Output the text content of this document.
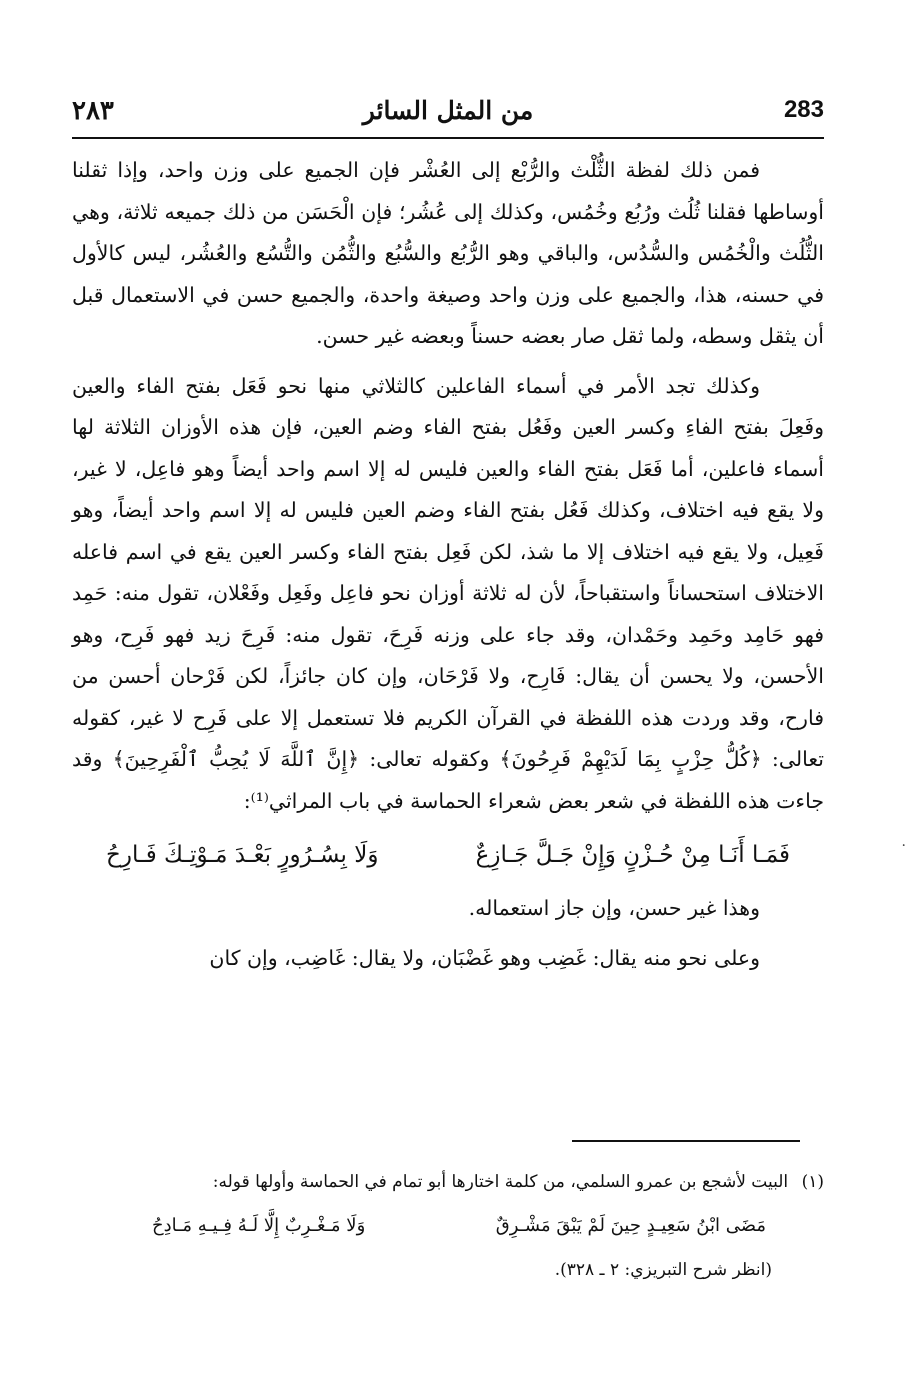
283
من المثل السائر
٢٨٣

فمن ذلك لفظة الثُّلْث والرُّبْع إلى العُشْر فإن الجميع على وزن واحد، وإذا ثقلنا أوساطها فقلنا ثُلُث ورُبُع وخُمُس، وكذلك إلى عُشُر؛ فإن الْحَسَن من ذلك جميعه ثلاثة، وهي الثُّلُث والْخُمُس والسُّدُس، والباقي وهو الرُّبُع والسُّبُع والثُّمُن والتُّسُع والعُشُر، ليس كالأول في حسنه، هذا، والجميع على وزن واحد وصيغة واحدة، والجميع حسن في الاستعمال قبل أن يثقل وسطه، ولما ثقل صار بعضه حسناً وبعضه غير حسن.

وكذلك تجد الأمر في أسماء الفاعلين كالثلاثي منها نحو فَعَل بفتح الفاء والعين وفَعِلَ بفتح الفاءِ وكسر العين وفَعُل بفتح الفاء وضم العين، فإن هذه الأوزان الثلاثة لها أسماء فاعلين، أما فَعَل بفتح الفاء والعين فليس له إلا اسم واحد أيضاً وهو فاعِل، لا غير، ولا يقع فيه اختلاف، وكذلك فَعُل بفتح الفاء وضم العين فليس له إلا اسم واحد أيضاً، وهو فَعِيل، ولا يقع فيه اختلاف إلا ما شذ، لكن فَعِل بفتح الفاء وكسر العين يقع في اسم فاعله الاختلاف استحساناً واستقباحاً، لأن له ثلاثة أوزان نحو فاعِل وفَعِل وفَعْلان، تقول منه: حَمِد فهو حَامِد وحَمِد وحَمْدان، وقد جاء على وزنه فَرِحَ، تقول منه: فَرِحَ زيد فهو فَرِح، وهو الأحسن، ولا يحسن أن يقال: فَارِح، ولا فَرْحَان، وإن كان جائزاً، لكن فَرْحان أحسن من فارح، وقد وردت هذه اللفظة في القرآن الكريم فلا تستعمل إلا على فَرِح لا غير، كقوله تعالى: ﴿كُلُّ حِزْبٍ بِمَا لَدَيْهِمْ فَرِحُونَ﴾ وكقوله تعالى: ﴿إِنَّ ٱللَّهَ لَا يُحِبُّ ٱلْفَرِحِينَ﴾ وقد جاءت هذه اللفظة في شعر بعض شعراء الحماسة في باب المراثي⁽¹⁾:

فَمَـا أَنَـا مِنْ حُـزْنٍ وَإِنْ جَـلَّ جَـازِعٌ
وَلَا بِسُـرُورٍ بَعْـدَ مَـوْتِـكَ فَـارِحُ

وهذا غير حسن، وإن جاز استعماله.

وعلى نحو منه يقال: غَضِب وهو غَضْبَان، ولا يقال: غَاضِب، وإن كان

(١) البيت لأشجع بن عمرو السلمي، من كلمة اختارها أبو تمام في الحماسة وأولها قوله:

مَضَى ابْنُ سَعِيـدٍ حِينَ لَمْ يَبْقَ مَشْـرِقٌ
وَلَا مَـغْـرِبٌ إِلَّا لَـهُ فِـيـهِ مَـادِحُ

(انظر شرح التبريزي: ٢ ـ ٣٢٨).

·
